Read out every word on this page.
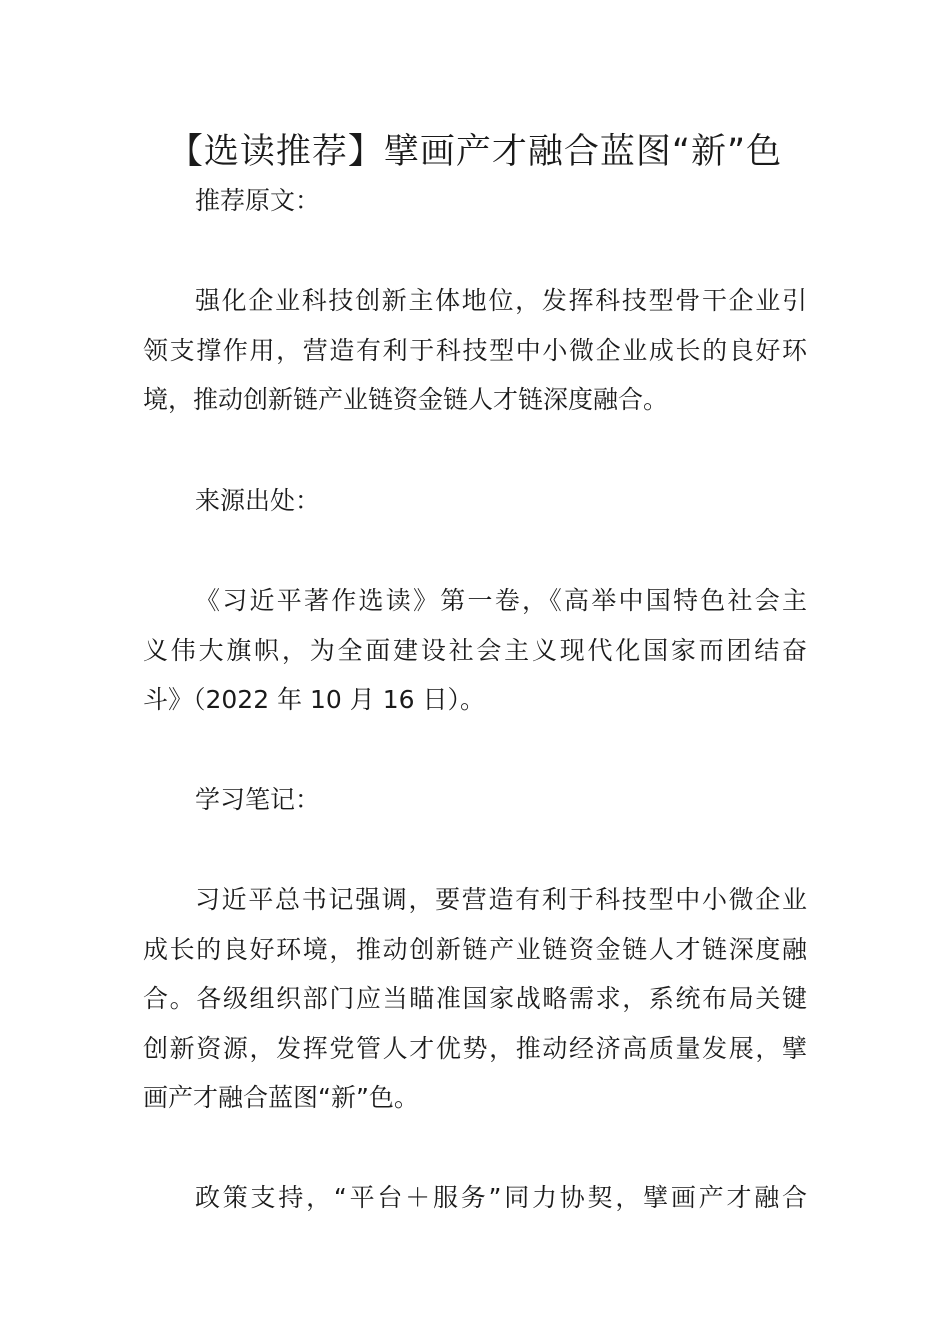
【选读推荐】擘画产才融合蓝图“新”色
推荐原文：
强化企业科技创新主体地位，发挥科技型骨干企业引
领支撑作用，营造有利于科技型中小微企业成长的良好环
境，推动创新链产业链资金链人才链深度融合。
来源出处：
《习近平著作选读》第一卷，《高举中国特色社会主
义伟大旗帜，为全面建设社会主义现代化国家而团结奋
斗》（2022 年 10 月 16 日）。
学习笔记：
习近平总书记强调，要营造有利于科技型中小微企业
成长的良好环境，推动创新链产业链资金链人才链深度融
合。各级组织部门应当瞄准国家战略需求，系统布局关键
创新资源，发挥党管人才优势，推动经济高质量发展，擘
画产才融合蓝图“新”色。
政策支持，“平台＋服务”同力协契，擘画产才融合
